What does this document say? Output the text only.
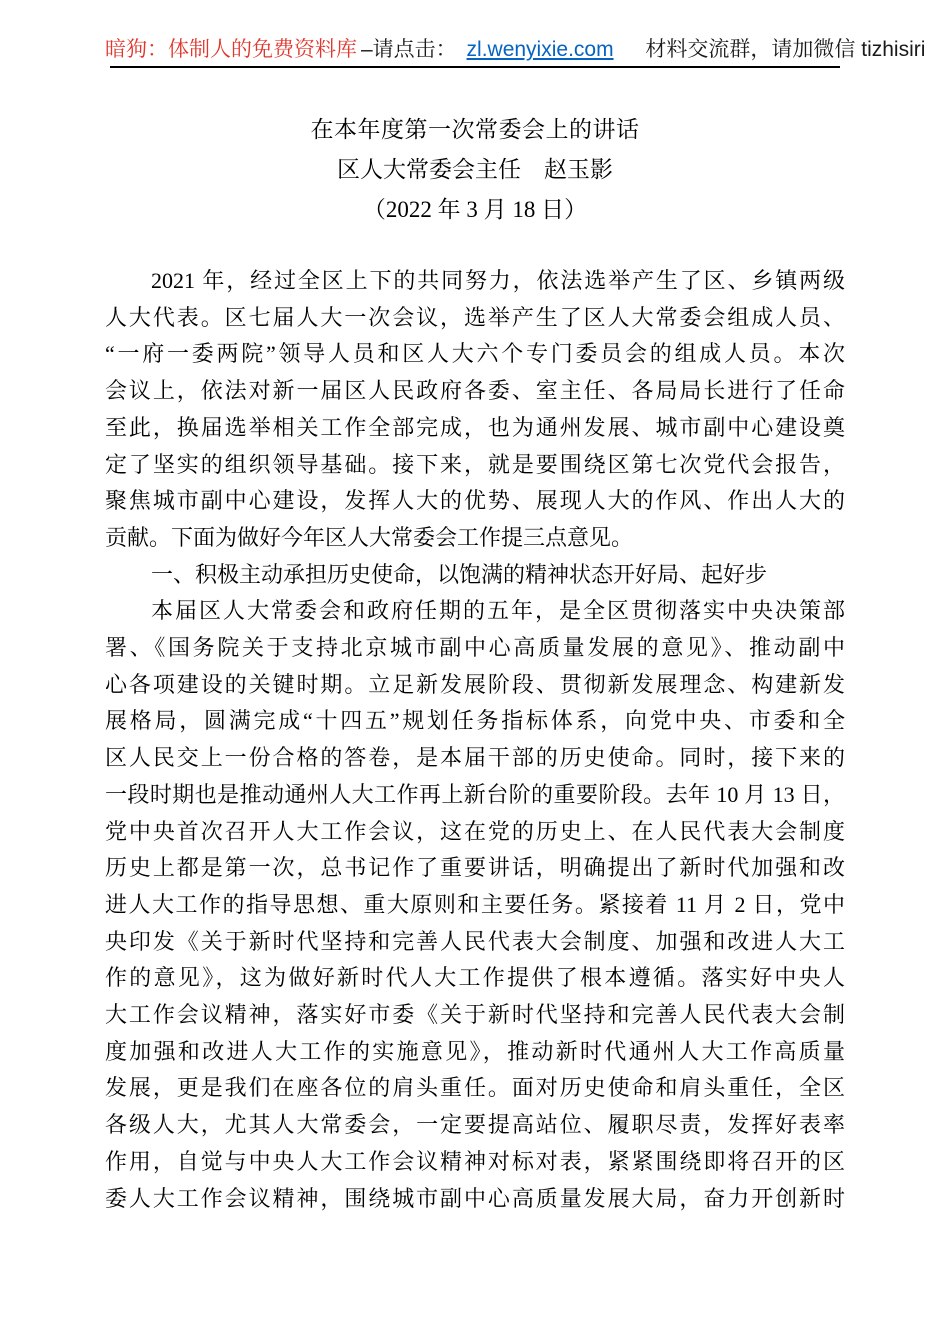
暗狗：体制人的免费资料库 –请点击： zl.wenyixie.com 材料交流群，请加微信 tizhisiri
在本年度第一次常委会上的讲话
区人大常委会主任　赵玉影
（2022 年 3 月 18 日）
2021 年，经过全区上下的共同努力，依法选举产生了区、乡镇两级
人大代表。区七届人大一次会议，选举产生了区人大常委会组成人员、
“一府一委两院”领导人员和区人大六个专门委员会的组成人员。本次
会议上，依法对新一届区人民政府各委、室主任、各局局长进行了任命
至此，换届选举相关工作全部完成，也为通州发展、城市副中心建设奠
定了坚实的组织领导基础。接下来，就是要围绕区第七次党代会报告，
聚焦城市副中心建设，发挥人大的优势、展现人大的作风、作出人大的
贡献。下面为做好今年区人大常委会工作提三点意见。
一、积极主动承担历史使命，以饱满的精神状态开好局、起好步
本届区人大常委会和政府任期的五年，是全区贯彻落实中央决策部
署、《国务院关于支持北京城市副中心高质量发展的意见》、推动副中
心各项建设的关键时期。立足新发展阶段、贯彻新发展理念、构建新发
展格局，圆满完成“十四五”规划任务指标体系，向党中央、市委和全
区人民交上一份合格的答卷，是本届干部的历史使命。同时，接下来的
一段时期也是推动通州人大工作再上新台阶的重要阶段。去年 10 月 13 日，
党中央首次召开人大工作会议，这在党的历史上、在人民代表大会制度
历史上都是第一次，总书记作了重要讲话，明确提出了新时代加强和改
进人大工作的指导思想、重大原则和主要任务。紧接着 11 月 2 日，党中
央印发《关于新时代坚持和完善人民代表大会制度、加强和改进人大工
作的意见》，这为做好新时代人大工作提供了根本遵循。落实好中央人
大工作会议精神，落实好市委《关于新时代坚持和完善人民代表大会制
度加强和改进人大工作的实施意见》，推动新时代通州人大工作高质量
发展，更是我们在座各位的肩头重任。面对历史使命和肩头重任，全区
各级人大，尤其人大常委会，一定要提高站位、履职尽责，发挥好表率
作用，自觉与中央人大工作会议精神对标对表，紧紧围绕即将召开的区
委人大工作会议精神，围绕城市副中心高质量发展大局，奋力开创新时
